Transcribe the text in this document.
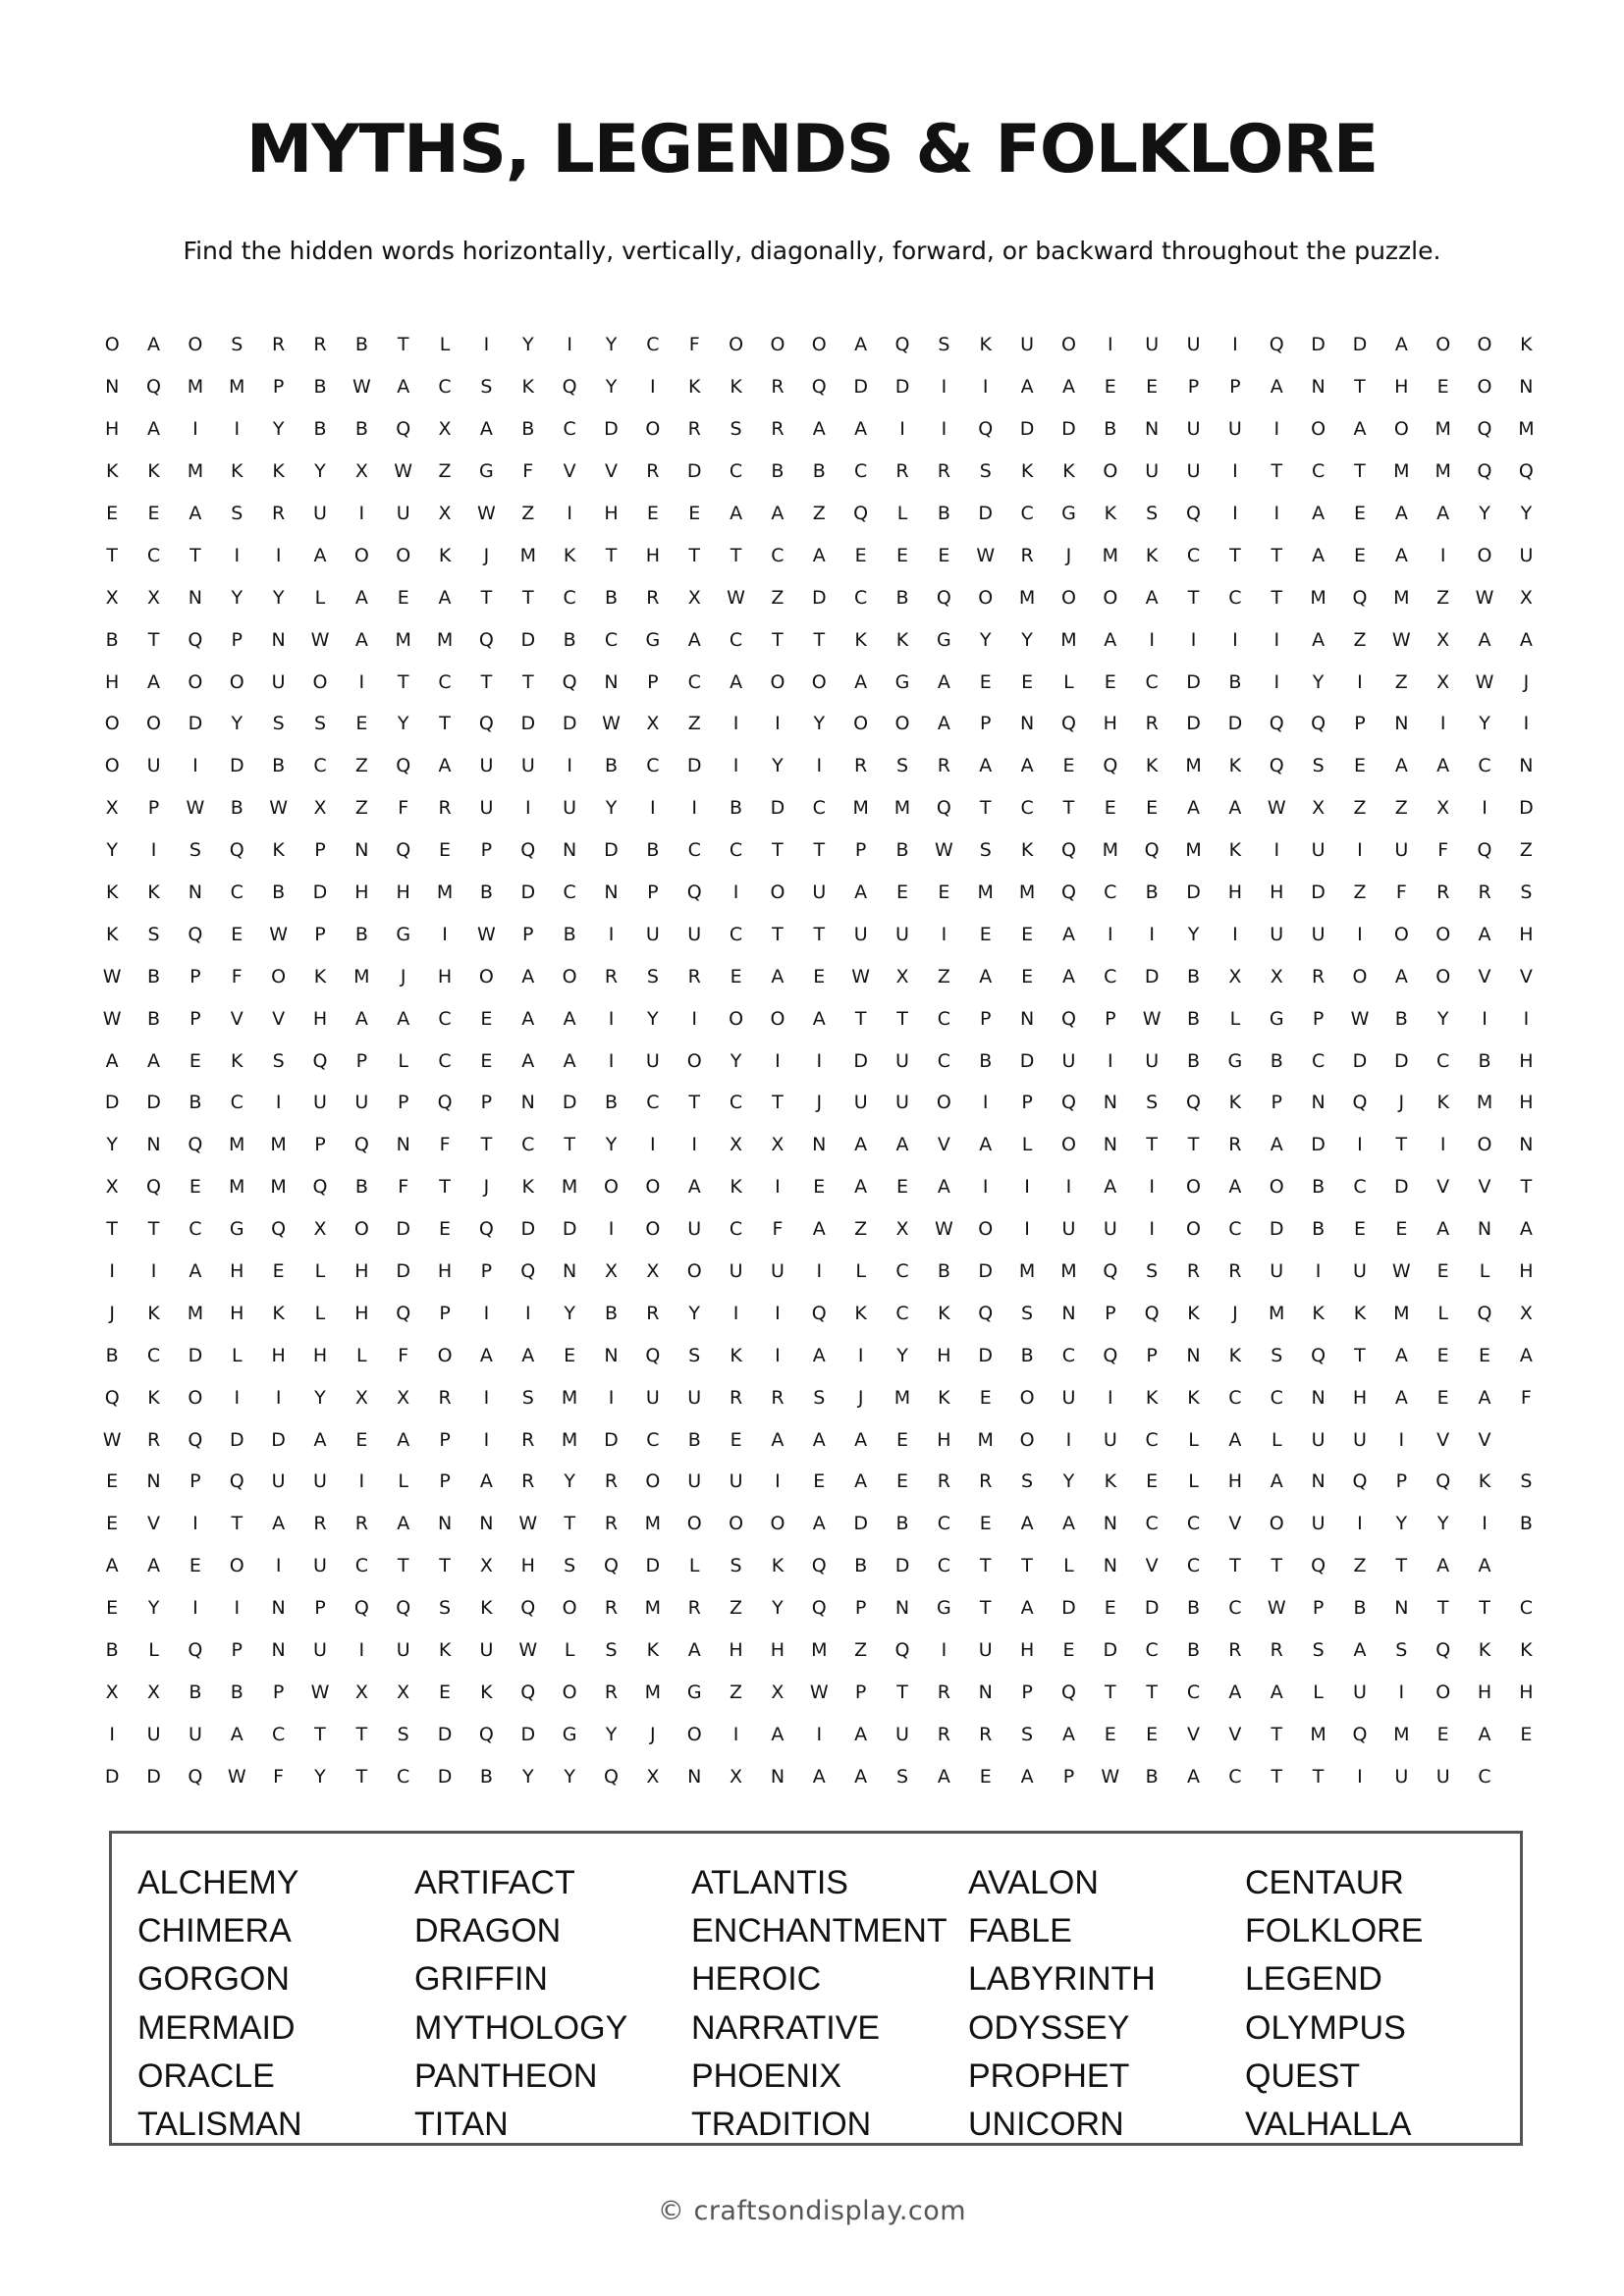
MYTHS, LEGENDS & FOLKLORE

Find the hidden words horizontally, vertically, diagonally, forward, or backward throughout the puzzle.

O	A	O	S	R	R	B	T	L	I	Y	I	Y	C	F	O	O	O	A	Q	S	K	U	O	I	U	U	I	Q	D	D	A	O	O	K
N	Q	M	M	P	B	W	A	C	S	K	Q	Y	I	K	K	R	Q	D	D	I	I	A	A	E	E	P	P	A	N	T	H	E	O	N
H	A	I	I	Y	B	B	Q	X	A	B	C	D	O	R	S	R	A	A	I	I	Q	D	D	B	N	U	U	I	O	A	O	M	Q	M
K	K	M	K	K	Y	X	W	Z	G	F	V	V	R	D	C	B	B	C	R	R	S	K	K	O	U	U	I	T	C	T	M	M	Q	Q
E	E	A	S	R	U	I	U	X	W	Z	I	H	E	E	A	A	Z	Q	L	B	D	C	G	K	S	Q	I	I	A	E	A	A	Y	Y
T	C	T	I	I	A	O	O	K	J	M	K	T	H	T	T	C	A	E	E	E	W	R	J	M	K	C	T	T	A	E	A	I	O	U
X	X	N	Y	Y	L	A	E	A	T	T	C	B	R	X	W	Z	D	C	B	Q	O	M	O	O	A	T	C	T	M	Q	M	Z	W	X
B	T	Q	P	N	W	A	M	M	Q	D	B	C	G	A	C	T	T	K	K	G	Y	Y	M	A	I	I	I	I	A	Z	W	X	A	A
H	A	O	O	U	O	I	T	C	T	T	Q	N	P	C	A	O	O	A	G	A	E	E	L	E	C	D	B	I	Y	I	Z	X	W	J
O	O	D	Y	S	S	E	Y	T	Q	D	D	W	X	Z	I	I	Y	O	O	A	P	N	Q	H	R	D	D	Q	Q	P	N	I	Y	I
O	U	I	D	B	C	Z	Q	A	U	U	I	B	C	D	I	Y	I	R	S	R	A	A	E	Q	K	M	K	Q	S	E	A	A	C	N
X	P	W	B	W	X	Z	F	R	U	I	U	Y	I	I	B	D	C	M	M	Q	T	C	T	E	E	A	A	W	X	Z	Z	X	I	D
Y	I	S	Q	K	P	N	Q	E	P	Q	N	D	B	C	C	T	T	P	B	W	S	K	Q	M	Q	M	K	I	U	I	U	F	Q	Z
K	K	N	C	B	D	H	H	M	B	D	C	N	P	Q	I	O	U	A	E	E	M	M	Q	C	B	D	H	H	D	Z	F	R	R	S
K	S	Q	E	W	P	B	G	I	W	P	B	I	U	U	C	T	T	U	U	I	E	E	A	I	I	Y	I	U	U	I	O	O	A	H
W	B	P	F	O	K	M	J	H	O	A	O	R	S	R	E	A	E	W	X	Z	A	E	A	C	D	B	X	X	R	O	A	O	V	V
W	B	P	V	V	H	A	A	C	E	A	A	I	Y	I	O	O	A	T	T	C	P	N	Q	P	W	B	L	G	P	W	B	Y	I	I
A	A	E	K	S	Q	P	L	C	E	A	A	I	U	O	Y	I	I	D	U	C	B	D	U	I	U	B	G	B	C	D	D	C	B	H
D	D	B	C	I	U	U	P	Q	P	N	D	B	C	T	C	T	J	U	U	O	I	P	Q	N	S	Q	K	P	N	Q	J	K	M	H
Y	N	Q	M	M	P	Q	N	F	T	C	T	Y	I	I	X	X	N	A	A	V	A	L	O	N	T	T	R	A	D	I	T	I	O	N
X	Q	E	M	M	Q	B	F	T	J	K	M	O	O	A	K	I	E	A	E	A	I	I	I	A	I	O	A	O	B	C	D	V	V	T
T	T	C	G	Q	X	O	D	E	Q	D	D	I	O	U	C	F	A	Z	X	W	O	I	U	U	I	O	C	D	B	E	E	A	N	A
I	I	A	H	E	L	H	D	H	P	Q	N	X	X	O	U	U	I	L	C	B	D	M	M	Q	S	R	R	U	I	U	W	E	L	H
J	K	M	H	K	L	H	Q	P	I	I	Y	B	R	Y	I	I	Q	K	C	K	Q	S	N	P	Q	K	J	M	K	K	M	L	Q	X
B	C	D	L	H	H	L	F	O	A	A	E	N	Q	S	K	I	A	I	Y	H	D	B	C	Q	P	N	K	S	Q	T	A	E	E	A
Q	K	O	I	I	Y	X	X	R	I	S	M	I	U	U	R	R	S	J	M	K	E	O	U	I	K	K	C	C	N	H	A	E	A	F
W	R	Q	D	D	A	E	A	P	I	R	M	D	C	B	E	A	A	A	E	H	M	O	I	U	C	L	A	L	U	U	I	V	V
E	N	P	Q	U	U	I	L	P	A	R	Y	R	O	U	U	I	E	A	E	R	R	S	Y	K	E	L	H	A	N	Q	P	Q	K	S
E	V	I	T	A	R	R	A	N	N	W	T	R	M	O	O	O	A	D	B	C	E	A	A	N	C	C	V	O	U	I	Y	Y	I	B
A	A	E	O	I	U	C	T	T	X	H	S	Q	D	L	S	K	Q	B	D	C	T	T	L	N	V	C	T	T	Q	Z	T	A	A
E	Y	I	I	N	P	Q	Q	S	K	Q	O	R	M	R	Z	Y	Q	P	N	G	T	A	D	E	D	B	C	W	P	B	N	T	T	C
B	L	Q	P	N	U	I	U	K	U	W	L	S	K	A	H	H	M	Z	Q	I	U	H	E	D	C	B	R	R	S	A	S	Q	K	K
X	X	B	B	P	W	X	X	E	K	Q	O	R	M	G	Z	X	W	P	T	R	N	P	Q	T	T	C	A	A	L	U	I	O	H	H
I	U	U	A	C	T	T	S	D	Q	D	G	Y	J	O	I	A	I	A	U	R	R	S	A	E	E	V	V	T	M	Q	M	E	A	E
D	D	Q	W	F	Y	T	C	D	B	Y	Y	Q	X	N	X	N	A	A	S	A	E	A	P	W	B	A	C	T	T	I	U	U	C
ALCHEMY	ARTIFACT	ATLANTIS	AVALON	CENTAUR
CHIMERA	DRAGON	ENCHANTMENT FABLE	FOLKLORE
GORGON	GRIFFIN	HEROIC	LABYRINTH	LEGEND
MERMAID	MYTHOLOGY	NARRATIVE	ODYSSEY	OLYMPUS
ORACLE	PANTHEON	PHOENIX	PROPHET	QUEST
TALISMAN	TITAN	TRADITION	UNICORN	VALHALLA
© craftsondisplay.com
